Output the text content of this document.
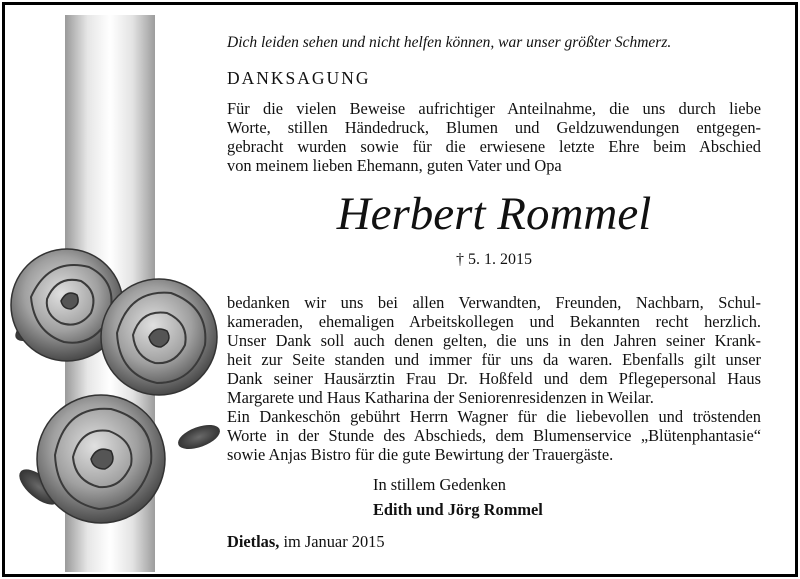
Dich leiden sehen und nicht helfen können, war unser größter Schmerz.
DANKSAGUNG
Für die vielen Beweise aufrichtiger Anteilnahme, die uns durch liebe
Worte, stillen Händedruck, Blumen und Geldzuwendungen entgegen-
gebracht wurden sowie für die erwiesene letzte Ehre beim Abschied
von meinem lieben Ehemann, guten Vater und Opa
Herbert Rommel
† 5. 1. 2015
bedanken wir uns bei allen Verwandten, Freunden, Nachbarn, Schul-
kameraden, ehemaligen Arbeitskollegen und Bekannten recht herzlich.
Unser Dank soll auch denen gelten, die uns in den Jahren seiner Krank-
heit zur Seite standen und immer für uns da waren. Ebenfalls gilt unser
Dank seiner Hausärztin Frau Dr. Hoßfeld und dem Pflegepersonal Haus
Margarete und Haus Katharina der Seniorenresidenzen in Weilar.
Ein Dankeschön gebührt Herrn Wagner für die liebevollen und tröstenden
Worte in der Stunde des Abschieds, dem Blumenservice „Blütenphantasie“
sowie Anjas Bistro für die gute Bewirtung der Trauergäste.
In stillem Gedenken
Edith und Jörg Rommel
Dietlas, im Januar 2015
